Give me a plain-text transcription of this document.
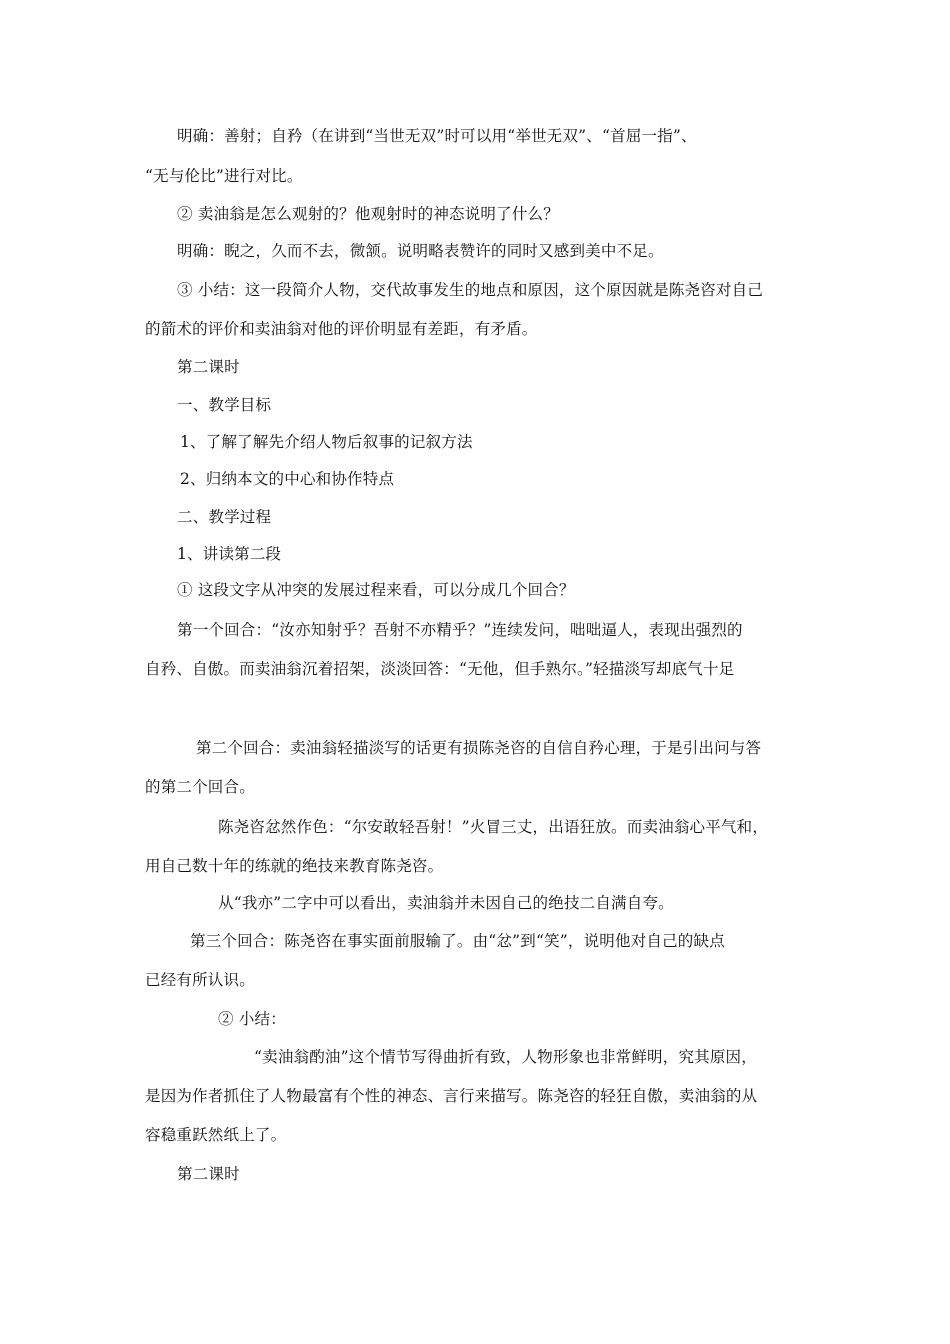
明确：善射；自矜（在讲到“当世无双”时可以用“举世无双”、“首屈一指”、
“无与伦比”进行对比。
② 卖油翁是怎么观射的？他观射时的神态说明了什么？
明确：睨之，久而不去，微颔。说明略表赞许的同时又感到美中不足。
③ 小结：这一段简介人物，交代故事发生的地点和原因，这个原因就是陈尧咨对自己
的箭术的评价和卖油翁对他的评价明显有差距，有矛盾。
第二课时
一、教学目标
1、了解了解先介绍人物后叙事的记叙方法
2、归纳本文的中心和协作特点
二、教学过程
1、讲读第二段
① 这段文字从冲突的发展过程来看，可以分成几个回合？
第一个回合：“汝亦知射乎？吾射不亦精乎？”连续发问，咄咄逼人，表现出强烈的
自矜、自傲。而卖油翁沉着招架，淡淡回答：“无他，但手熟尔。”轻描淡写却底气十足
第二个回合：卖油翁轻描淡写的话更有损陈尧咨的自信自矜心理，于是引出问与答
的第二个回合。
陈尧咨忿然作色：“尔安敢轻吾射！”火冒三丈，出语狂放。而卖油翁心平气和，
用自己数十年的练就的绝技来教育陈尧咨。
从“我亦”二字中可以看出，卖油翁并未因自己的绝技二自满自夸。
第三个回合：陈尧咨在事实面前服输了。由“忿”到“笑”，说明他对自己的缺点
已经有所认识。
② 小结：
“卖油翁酌油”这个情节写得曲折有致，人物形象也非常鲜明，究其原因，
是因为作者抓住了人物最富有个性的神态、言行来描写。陈尧咨的轻狂自傲，卖油翁的从
容稳重跃然纸上了。
第二课时
